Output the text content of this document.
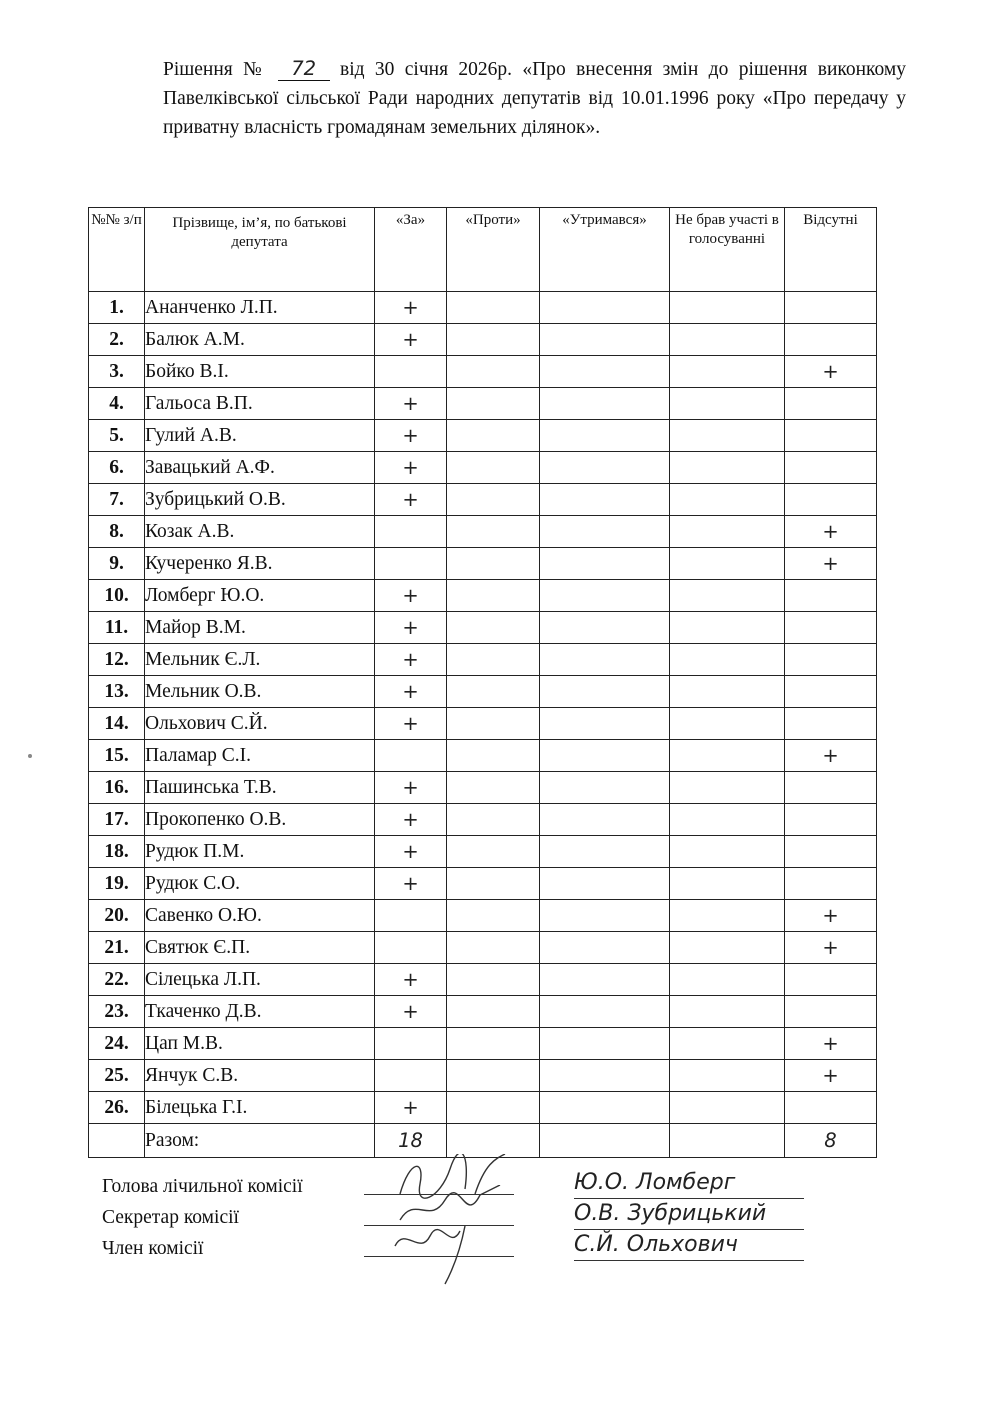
Рішення № 72 від 30 січня 2026р. «Про внесення змін до рішення виконкому Павелківської сільської Ради народних депутатів від 10.01.1996 року «Про передачу у приватну власність громадянам земельних ділянок».
№№ з/п	Прізвище, ім’я, по батькові депутата	«За»	«Проти»	«Утримався»	Не брав участі в голосуванні	Відсутні
1.	Ананченко Л.П.	+				
2.	Балюк А.М.	+				
3.	Бойко В.І.					+
4.	Гальоса В.П.	+				
5.	Гулий А.В.	+				
6.	Завацький А.Ф.	+				
7.	Зубрицький О.В.	+				
8.	Козак А.В.					+
9.	Кучеренко Я.В.					+
10.	Ломберг Ю.О.	+				
11.	Майор В.М.	+				
12.	Мельник Є.Л.	+				
13.	Мельник О.В.	+				
14.	Ольхович С.Й.	+				
15.	Паламар С.І.					+
16.	Пашинська Т.В.	+				
17.	Прокопенко О.В.	+				
18.	Рудюк П.М.	+				
19.	Рудюк С.О.	+				
20.	Савенко О.Ю.					+
21.	Святюк Є.П.					+
22.	Сілецька Л.П.	+				
23.	Ткаченко Д.В.	+				
24.	Цап М.В.					+
25.	Янчук С.В.					+
26.	Білецька Г.І.	+				
	Разом:	18				8
Голова лічильної комісії	Ю.О. Ломберг
Секретар комісії	О.В. Зубрицький
Член комісії	С.Й. Ольхович
